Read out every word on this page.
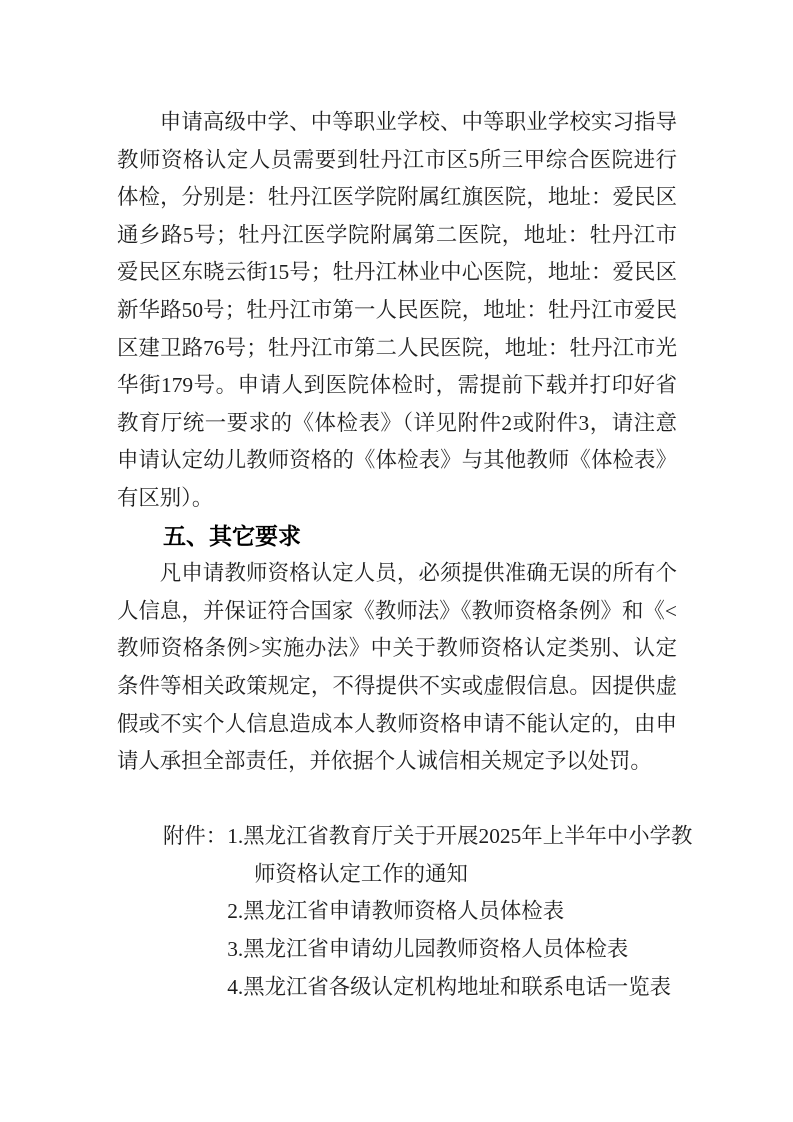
申请高级中学、中等职业学校、中等职业学校实习指导教师资格认定人员需要到牡丹江市区5所三甲综合医院进行体检，分别是：牡丹江医学院附属红旗医院，地址：爱民区通乡路5号；牡丹江医学院附属第二医院，地址：牡丹江市爱民区东晓云街15号；牡丹江林业中心医院，地址：爱民区新华路50号；牡丹江市第一人民医院，地址：牡丹江市爱民区建卫路76号；牡丹江市第二人民医院，地址：牡丹江市光华街179号。申请人到医院体检时，需提前下载并打印好省教育厅统一要求的《体检表》（详见附件2或附件3，请注意申请认定幼儿教师资格的《体检表》与其他教师《体检表》有区别）。

五、其它要求

凡申请教师资格认定人员，必须提供准确无误的所有个人信息，并保证符合国家《教师法》《教师资格条例》和《<教师资格条例>实施办法》中关于教师资格认定类别、认定条件等相关政策规定，不得提供不实或虚假信息。因提供虚假或不实个人信息造成本人教师资格申请不能认定的，由申请人承担全部责任，并依据个人诚信相关规定予以处罚。

附件： 1.黑龙江省教育厅关于开展2025年上半年中小学教师资格认定工作的通知
2.黑龙江省申请教师资格人员体检表
3.黑龙江省申请幼儿园教师资格人员体检表
4.黑龙江省各级认定机构地址和联系电话一览表
